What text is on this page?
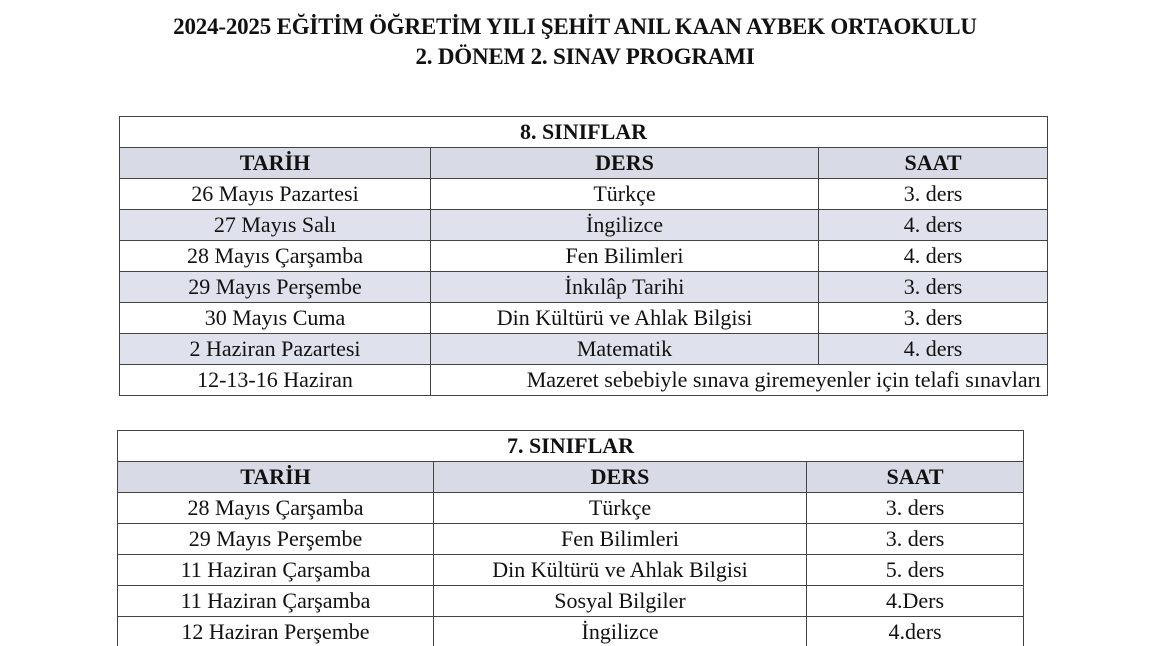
2024-2025 EĞİTİM ÖĞRETİM YILI ŞEHİT ANIL KAAN AYBEK ORTAOKULU
2. DÖNEM 2. SINAV PROGRAMI
8. SINIFLAR		
TARİH	DERS	SAAT
26 Mayıs Pazartesi	Türkçe	3. ders
27 Mayıs Salı	İngilizce	4. ders
28 Mayıs Çarşamba	Fen Bilimleri	4. ders
29 Mayıs Perşembe	İnkılâp Tarihi	3. ders
30 Mayıs Cuma	Din Kültürü ve Ahlak Bilgisi	3. ders
2 Haziran Pazartesi	Matematik	4. ders
12-13-16 Haziran	Mazeret sebebiyle sınava giremeyenler için telafi sınavları	
7. SINIFLAR		
TARİH	DERS	SAAT
28 Mayıs Çarşamba	Türkçe	3. ders
29 Mayıs Perşembe	Fen Bilimleri	3. ders
11 Haziran Çarşamba	Din Kültürü ve Ahlak Bilgisi	5. ders
11 Haziran Çarşamba	Sosyal Bilgiler	4.Ders
12 Haziran Perşembe	İngilizce	4.ders
